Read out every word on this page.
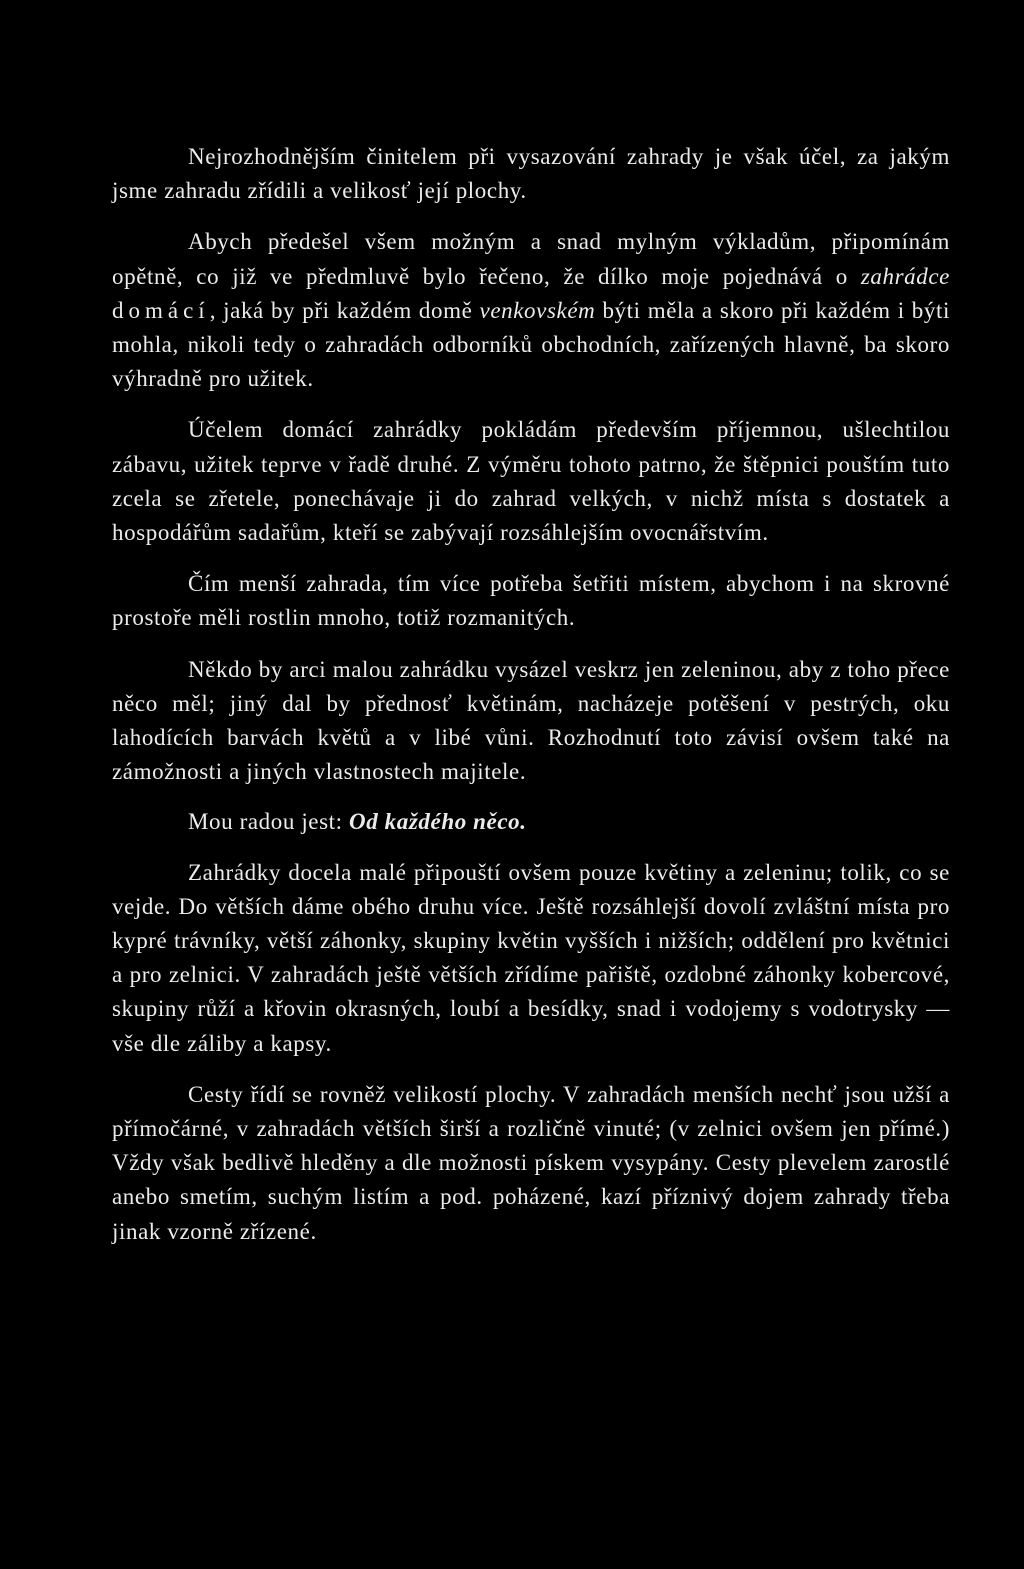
Nejrozhodnějším činitelem při vysazování zahrady je však účel, za jakým jsme zahradu zřídili a velikosť její plochy.

Abych předešel všem možným a snad mylným výkladům, připomínám opětně, co již ve předmluvě bylo řečeno, že dílko moje pojednává o zahrádce domácí, jaká by při každém domě venkovském býti měla a skoro při každém i býti mohla, nikoli tedy o zahradách odborníků obchodních, zařízených hlavně, ba skoro výhradně pro užitek.

Účelem domácí zahrádky pokládám především příjemnou, ušlechtilou zábavu, užitek teprve v řadě druhé. Z výměru tohoto patrno, že štěpnici pouštím tuto zcela se zřetele, ponechávaje ji do zahrad velkých, v nichž místa s dostatek a hospodářům sadařům, kteří se zabývají rozsáhlejším ovocnářstvím.

Čím menší zahrada, tím více potřeba šetřiti místem, abychom i na skrovné prostoře měli rostlin mnoho, totiž rozmanitých.

Někdo by arci malou zahrádku vysázel veskrz jen zeleninou, aby z toho přece něco měl; jiný dal by přednosť květinám, nacházeje potěšení v pestrých, oku lahodících barvách květů a v libé vůni. Rozhodnutí toto závisí ovšem také na zámožnosti a jiných vlastnostech majitele.

Mou radou jest: Od každého něco.

Zahrádky docela malé připouští ovšem pouze květiny a zeleninu; tolik, co se vejde. Do větších dáme obého druhu více. Ještě rozsáhlejší dovolí zvláštní místa pro kypré trávníky, větší záhonky, skupiny květin vyšších i nižších; oddělení pro květnici a pro zelnici. V zahradách ještě větších zřídíme pařiště, ozdobné záhonky kobercové, skupiny růží a křovin okrasných, loubí a besídky, snad i vodojemy s vodotrysky — vše dle záliby a kapsy.

Cesty řídí se rovněž velikostí plochy. V zahradách menších nechť jsou užší a přímočárné, v zahradách větších širší a rozličně vinuté; (v zelnici ovšem jen přímé.) Vždy však bedlivě hleděny a dle možnosti pískem vysypány. Cesty plevelem zarostlé anebo smetím, suchým listím a pod. poházené, kazí příznivý dojem zahrady třeba jinak vzorně zřízené.
